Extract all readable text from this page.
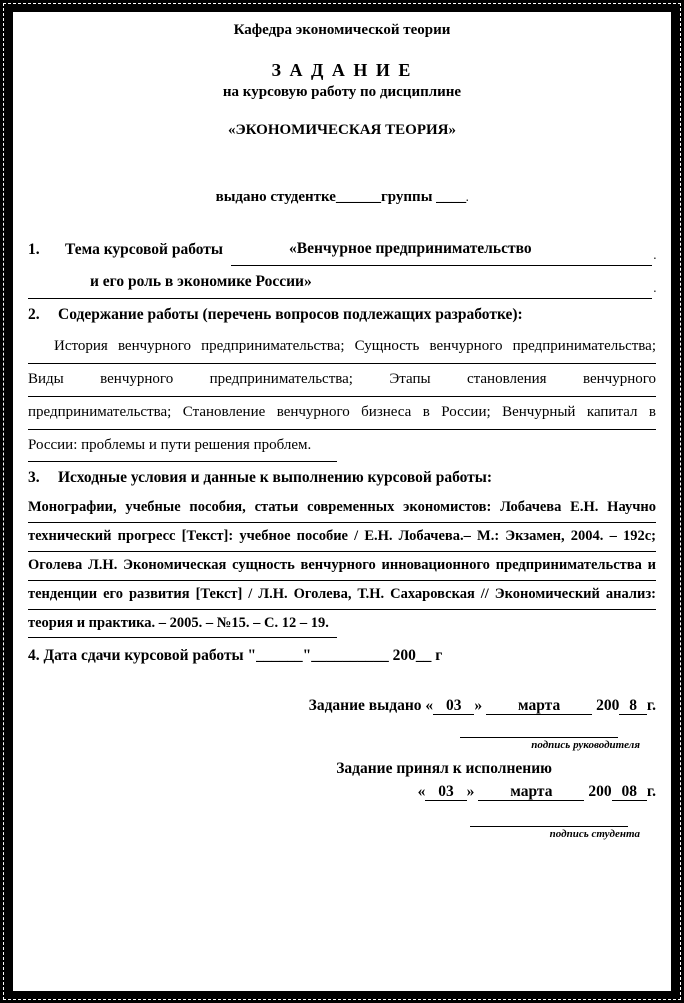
Кафедра экономической теории
З А Д А Н И Е
на курсовую работу по дисциплине
«ЭКОНОМИЧЕСКАЯ ТЕОРИЯ»
выдано студентке______группы ____.
1.	Тема курсовой работы	«Венчурное предпринимательство	.
и его роль в экономике России»	.
2.	Содержание работы (перечень вопросов подлежащих разработке):
История венчурного предпринимательства; Сущность венчурного предпринимательства;
Виды венчурного предпринимательства; Этапы становления венчурного
предпринимательства; Становление венчурного бизнеса в России; Венчурный капитал в
России: проблемы и пути решения проблем.
3.	Исходные условия и данные к выполнению курсовой работы:
Монографии, учебные пособия, статьи современных экономистов: Лобачева Е.Н. Научно
технический прогресс [Текст]: учебное пособие / Е.Н. Лобачева.– М.: Экзамен, 2004. – 192с;
Оголева Л.Н. Экономическая сущность венчурного инновационного предпринимательства и
тенденции его развития [Текст] / Л.Н. Оголева, Т.Н. Сахаровская // Экономический анализ:
теория и практика. – 2005. – №15. – С. 12 – 19.
4. Дата сдачи курсовой работы "______"__________ 200__ г
Задание выдано « 03 » марта 200 8 г.
подпись руководителя
Задание принял к исполнению
« 03 » марта 200 08 г.
подпись студента
